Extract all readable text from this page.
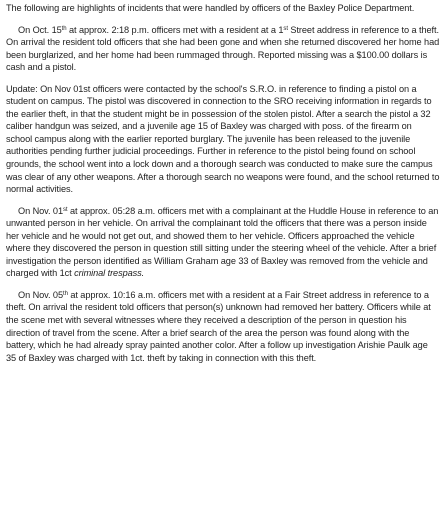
The following are highlights of incidents that were handled by officers of the Baxley Police Department.

On Oct. 15th at approx. 2:18 p.m. officers met with a resident at a 1st Street address in reference to a theft. On arrival the resident told officers that she had been gone and when she returned discovered her home had been burglarized, and her home had been rummaged through. Reported missing was a $100.00 dollars is cash and a pistol.

Update: On Nov 01st officers were contacted by the school's S.R.O. in reference to finding a pistol on a student on campus. The pistol was discovered in connection to the SRO receiving information in regards to the earlier theft, in that the student might be in possession of the stolen pistol. After a search the pistol a 32 caliber handgun was seized, and a juvenile age 15 of Baxley was charged with poss. of the firearm on school campus along with the earlier reported burglary. The juvenile has been released to the juvenile authorities pending further judicial proceedings. Further in reference to the pistol being found on school grounds, the school went into a lock down and a thorough search was conducted to make sure the campus was clear of any other weapons. After a thorough search no weapons were found, and the school returned to normal activities.

On Nov. 01st at approx. 05:28 a.m. officers met with a complainant at the Huddle House in reference to an unwanted person in her vehicle. On arrival the complainant told the officers that there was a person inside her vehicle and he would not get out, and showed them to her vehicle. Officers approached the vehicle where they discovered the person in question still sitting under the steering wheel of the vehicle. After a brief investigation the person identified as William Graham age 33 of Baxley was removed from the vehicle and charged with 1ct criminal trespass.

On Nov. 05th at approx. 10:16 a.m. officers met with a resident at a Fair Street address in reference to a theft. On arrival the resident told officers that person(s) unknown had removed her battery. Officers while at the scene met with several witnesses where they received a description of the person in question his direction of travel from the scene. After a brief search of the area the person was found along with the battery, which he had already spray painted another color. After a follow up investigation Arishie Paulk age 35 of Baxley was charged with 1ct. theft by taking in connection with this theft.
